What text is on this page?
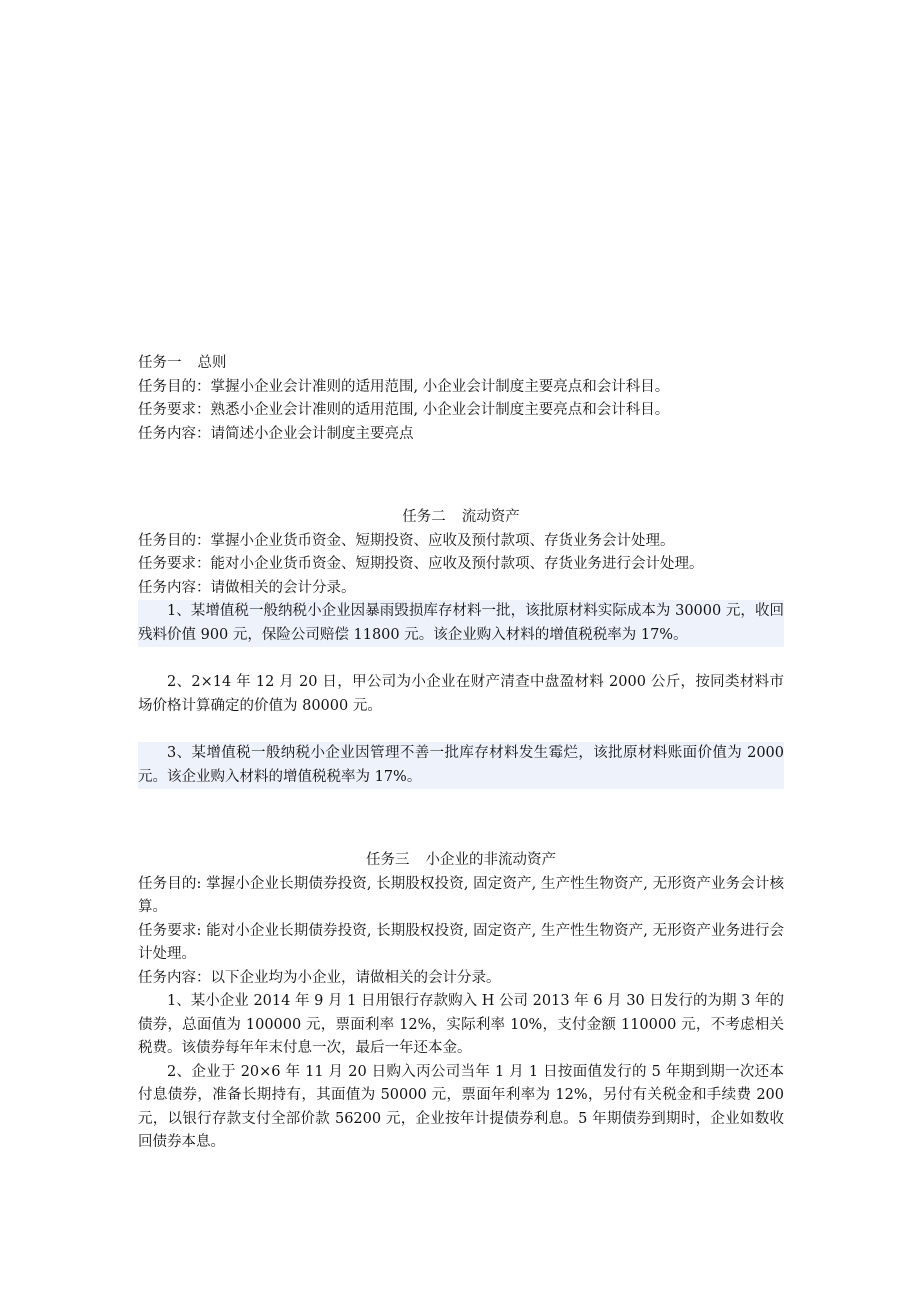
任务一 总则
任务目的：掌握小企业会计准则的适用范围, 小企业会计制度主要亮点和会计科目。
任务要求：熟悉小企业会计准则的适用范围, 小企业会计制度主要亮点和会计科目。
任务内容：请简述小企业会计制度主要亮点
任务二 流动资产
任务目的：掌握小企业货币资金、短期投资、应收及预付款项、存货业务会计处理。
任务要求：能对小企业货币资金、短期投资、应收及预付款项、存货业务进行会计处理。
任务内容：请做相关的会计分录。
1、某增值税一般纳税小企业因暴雨毁损库存材料一批，该批原材料实际成本为 30000 元，收回残料价值 900 元，保险公司赔偿 11800 元。该企业购入材料的增值税税率为 17%。
2、2×14 年 12 月 20 日，甲公司为小企业在财产清查中盘盈材料 2000 公斤，按同类材料市场价格计算确定的价值为 80000 元。
3、某增值税一般纳税小企业因管理不善一批库存材料发生霉烂，该批原材料账面价值为 2000 元。该企业购入材料的增值税税率为 17%。
任务三 小企业的非流动资产
任务目的: 掌握小企业长期债券投资, 长期股权投资, 固定资产, 生产性生物资产, 无形资产业务会计核算。
任务要求: 能对小企业长期债券投资, 长期股权投资, 固定资产, 生产性生物资产, 无形资产业务进行会计处理。
任务内容：以下企业均为小企业，请做相关的会计分录。
1、某小企业 2014 年 9 月 1 日用银行存款购入 H 公司 2013 年 6 月 30 日发行的为期 3 年的债券，总面值为 100000 元，票面利率 12%，实际利率 10%，支付金额 110000 元，不考虑相关税费。该债券每年年末付息一次，最后一年还本金。
2、企业于 20×6 年 11 月 20 日购入丙公司当年 1 月 1 日按面值发行的 5 年期到期一次还本付息债券，准备长期持有，其面值为 50000 元，票面年利率为 12%，另付有关税金和手续费 200 元，以银行存款支付全部价款 56200 元，企业按年计提债券利息。5 年期债券到期时，企业如数收回债券本息。
